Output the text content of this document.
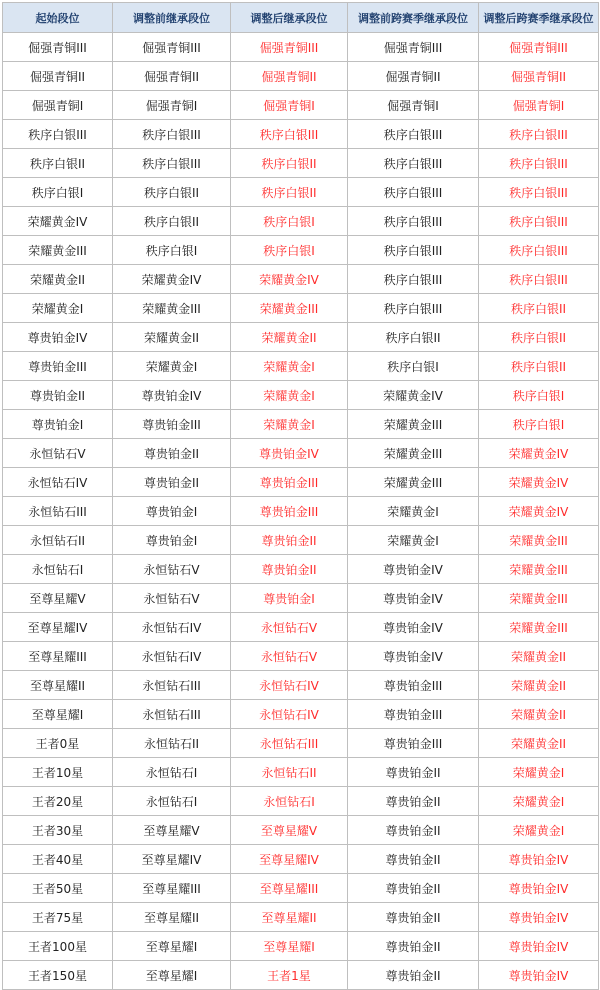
起始段位	调整前继承段位	调整后继承段位	调整前跨赛季继承段位	调整后跨赛季继承段位
倔强青铜III	倔强青铜III	倔强青铜III	倔强青铜III	倔强青铜III
倔强青铜II	倔强青铜II	倔强青铜II	倔强青铜II	倔强青铜II
倔强青铜I	倔强青铜I	倔强青铜I	倔强青铜I	倔强青铜I
秩序白银III	秩序白银III	秩序白银III	秩序白银III	秩序白银III
秩序白银II	秩序白银III	秩序白银II	秩序白银III	秩序白银III
秩序白银I	秩序白银II	秩序白银II	秩序白银III	秩序白银III
荣耀黄金IV	秩序白银II	秩序白银I	秩序白银III	秩序白银III
荣耀黄金III	秩序白银I	秩序白银I	秩序白银III	秩序白银III
荣耀黄金II	荣耀黄金IV	荣耀黄金IV	秩序白银III	秩序白银III
荣耀黄金I	荣耀黄金III	荣耀黄金III	秩序白银III	秩序白银II
尊贵铂金IV	荣耀黄金II	荣耀黄金II	秩序白银II	秩序白银II
尊贵铂金III	荣耀黄金I	荣耀黄金I	秩序白银I	秩序白银II
尊贵铂金II	尊贵铂金IV	荣耀黄金I	荣耀黄金IV	秩序白银I
尊贵铂金I	尊贵铂金III	荣耀黄金I	荣耀黄金III	秩序白银I
永恒钻石V	尊贵铂金II	尊贵铂金IV	荣耀黄金III	荣耀黄金IV
永恒钻石IV	尊贵铂金II	尊贵铂金III	荣耀黄金III	荣耀黄金IV
永恒钻石III	尊贵铂金I	尊贵铂金III	荣耀黄金I	荣耀黄金IV
永恒钻石II	尊贵铂金I	尊贵铂金II	荣耀黄金I	荣耀黄金III
永恒钻石I	永恒钻石V	尊贵铂金II	尊贵铂金IV	荣耀黄金III
至尊星耀V	永恒钻石V	尊贵铂金I	尊贵铂金IV	荣耀黄金III
至尊星耀IV	永恒钻石IV	永恒钻石V	尊贵铂金IV	荣耀黄金III
至尊星耀III	永恒钻石IV	永恒钻石V	尊贵铂金IV	荣耀黄金II
至尊星耀II	永恒钻石III	永恒钻石IV	尊贵铂金III	荣耀黄金II
至尊星耀I	永恒钻石III	永恒钻石IV	尊贵铂金III	荣耀黄金II
王者0星	永恒钻石II	永恒钻石III	尊贵铂金III	荣耀黄金II
王者10星	永恒钻石I	永恒钻石II	尊贵铂金II	荣耀黄金I
王者20星	永恒钻石I	永恒钻石I	尊贵铂金II	荣耀黄金I
王者30星	至尊星耀V	至尊星耀V	尊贵铂金II	荣耀黄金I
王者40星	至尊星耀IV	至尊星耀IV	尊贵铂金II	尊贵铂金IV
王者50星	至尊星耀III	至尊星耀III	尊贵铂金II	尊贵铂金IV
王者75星	至尊星耀II	至尊星耀II	尊贵铂金II	尊贵铂金IV
王者100星	至尊星耀I	至尊星耀I	尊贵铂金II	尊贵铂金IV
王者150星	至尊星耀I	王者1星	尊贵铂金II	尊贵铂金IV
